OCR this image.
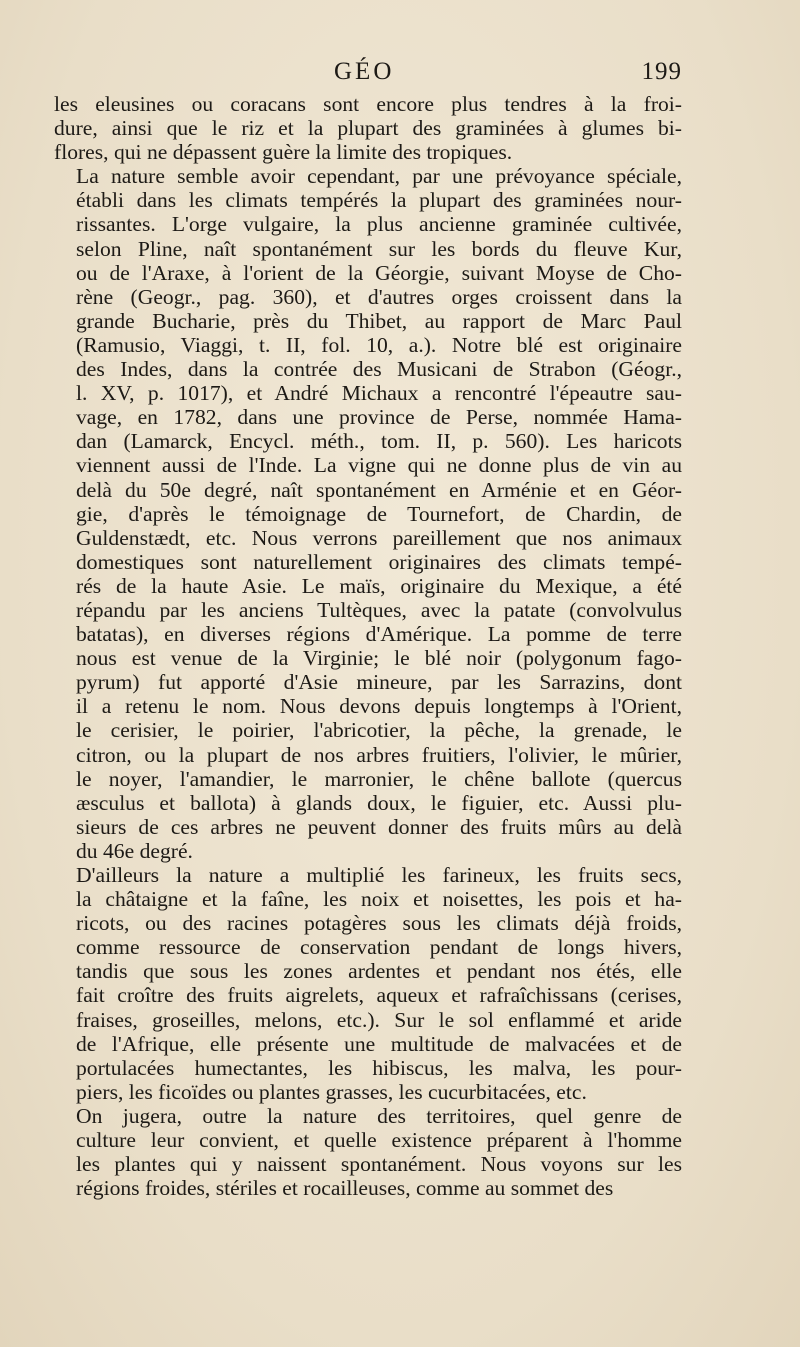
GÉO	199

les eleusines ou coracans sont encore plus tendres à la froi-
dure, ainsi que le riz et la plupart des graminées à glumes bi-
flores, qui ne dépassent guère la limite des tropiques.

La nature semble avoir cependant, par une prévoyance spéciale,
établi dans les climats tempérés la plupart des graminées nour-
rissantes. L'orge vulgaire, la plus ancienne graminée cultivée,
selon Pline, naît spontanément sur les bords du fleuve Kur,
ou de l'Araxe, à l'orient de la Géorgie, suivant Moyse de Cho-
rène (Geogr., pag. 360), et d'autres orges croissent dans la
grande Bucharie, près du Thibet, au rapport de Marc Paul
(Ramusio, Viaggi, t. II, fol. 10, a.). Notre blé est originaire
des Indes, dans la contrée des Musicani de Strabon (Géogr.,
l. XV, p. 1017), et André Michaux a rencontré l'épeautre sau-
vage, en 1782, dans une province de Perse, nommée Hama-
dan (Lamarck, Encycl. méth., tom. II, p. 560). Les haricots
viennent aussi de l'Inde. La vigne qui ne donne plus de vin au
delà du 50e degré, naît spontanément en Arménie et en Géor-
gie, d'après le témoignage de Tournefort, de Chardin, de
Guldenstædt, etc. Nous verrons pareillement que nos animaux
domestiques sont naturellement originaires des climats tempé-
rés de la haute Asie. Le maïs, originaire du Mexique, a été
répandu par les anciens Tultèques, avec la patate (convolvulus
batatas), en diverses régions d'Amérique. La pomme de terre
nous est venue de la Virginie; le blé noir (polygonum fago-
pyrum) fut apporté d'Asie mineure, par les Sarrazins, dont
il a retenu le nom. Nous devons depuis longtemps à l'Orient,
le cerisier, le poirier, l'abricotier, la pêche, la grenade, le
citron, ou la plupart de nos arbres fruitiers, l'olivier, le mûrier,
le noyer, l'amandier, le marronier, le chêne ballote (quercus
æsculus et ballota) à glands doux, le figuier, etc. Aussi plu-
sieurs de ces arbres ne peuvent donner des fruits mûrs au delà
du 46e degré.

D'ailleurs la nature a multiplié les farineux, les fruits secs,
la châtaigne et la faîne, les noix et noisettes, les pois et ha-
ricots, ou des racines potagères sous les climats déjà froids,
comme ressource de conservation pendant de longs hivers,
tandis que sous les zones ardentes et pendant nos étés, elle
fait croître des fruits aigrelets, aqueux et rafraîchissans (cerises,
fraises, groseilles, melons, etc.). Sur le sol enflammé et aride
de l'Afrique, elle présente une multitude de malvacées et de
portulacées humectantes, les hibiscus, les malva, les pour-
piers, les ficoïdes ou plantes grasses, les cucurbitacées, etc.

On jugera, outre la nature des territoires, quel genre de
culture leur convient, et quelle existence préparent à l'homme
les plantes qui y naissent spontanément. Nous voyons sur les
régions froides, stériles et rocailleuses, comme au sommet des
